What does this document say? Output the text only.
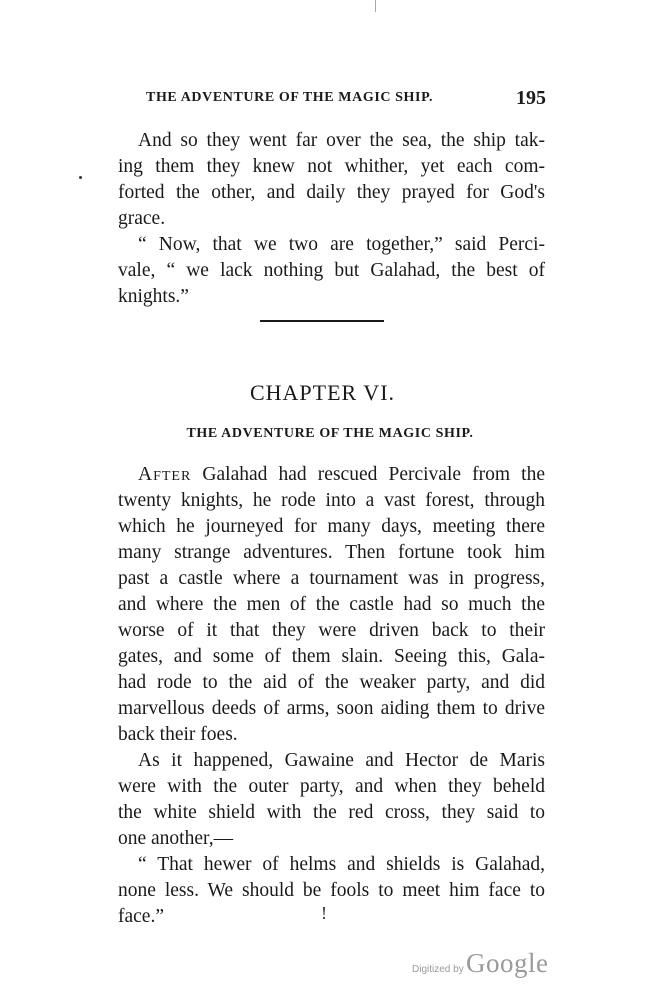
THE ADVENTURE OF THE MAGIC SHIP.	195

And so they went far over the sea, the ship tak-
ing them they knew not whither, yet each com-
forted the other, and daily they prayed for God's
grace.

“ Now, that we two are together,” said Perci-
vale, “ we lack nothing but Galahad, the best of
knights.”

CHAPTER VI.
THE ADVENTURE OF THE MAGIC SHIP.

After Galahad had rescued Percivale from the
twenty knights, he rode into a vast forest, through
which he journeyed for many days, meeting there
many strange adventures. Then fortune took him
past a castle where a tournament was in progress,
and where the men of the castle had so much the
worse of it that they were driven back to their
gates, and some of them slain. Seeing this, Gala-
had rode to the aid of the weaker party, and did
marvellous deeds of arms, soon aiding them to drive
back their foes.

As it happened, Gawaine and Hector de Maris
were with the outer party, and when they beheld
the white shield with the red cross, they said to
one another,—

“ That hewer of helms and shields is Galahad,
none less. We should be fools to meet him face to
face.”	!
Digitized by Google
